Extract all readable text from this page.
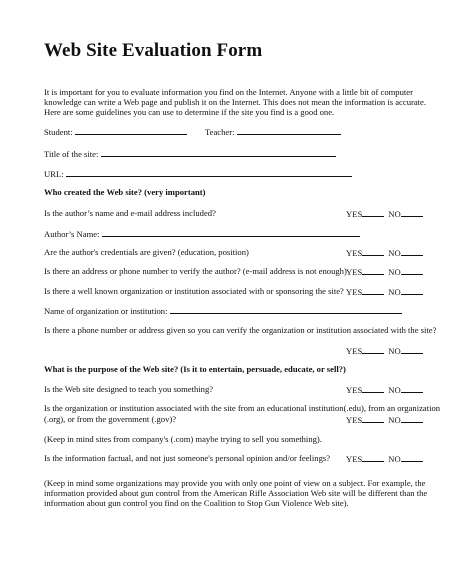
Web Site Evaluation Form
It is important for you to evaluate information you find on the Internet. Anyone with a little bit of computer
knowledge can write a Web page and publish it on the Internet. This does not mean the information is accurate.
Here are some guidelines you can use to determine if the site you find is a good one.
Student:	Teacher:
Title of the site:
URL:
Who created the Web site? (very important)
Is the author’s name and e-mail address included?	YES	NO
Author’s Name:
Are the author's credentials are given? (education, position)	YES	NO
Is there an address or phone number to verify the author? (e-mail address is not enough) YES	NO
Is there a well known organization or institution associated with or sponsoring the site? YES	NO
Name of organization or institution:
Is there a phone number or address given so you can verify the organization or institution associated with the site?
YES	NO
What is the purpose of the Web site? (Is it to entertain, persuade, educate, or sell?)
Is the Web site designed to teach you something?	YES	NO
Is the organization or institution associated with the site from an educational institution(.edu), from an organization
(.org), or from the government (.gov)?	YES	NO
(Keep in mind sites from company's (.com) maybe trying to sell you something).
Is the information factual, and not just someone's personal opinion and/or feelings? YES	NO
(Keep in mind some organizations may provide you with only one point of view on a subject. For example, the information provided about gun control from the American Rifle Association Web site will be different than the information about gun control you find on the Coalition to Stop Gun Violence Web site).
